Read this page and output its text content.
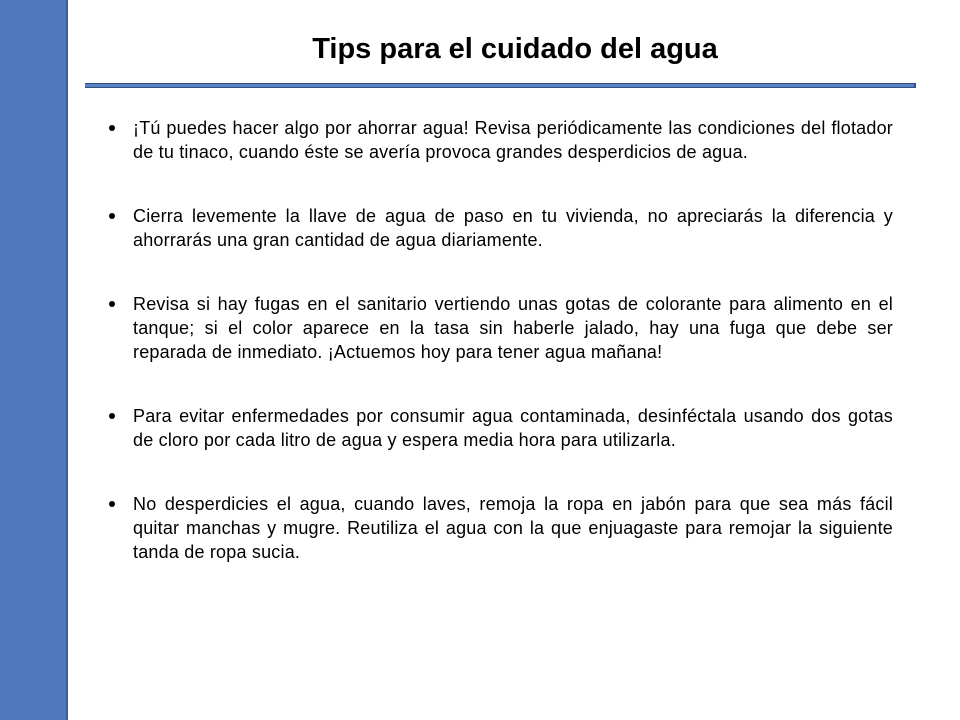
Tips para el cuidado del agua
¡Tú puedes hacer algo por ahorrar agua! Revisa periódicamente las condiciones del flotador de tu tinaco, cuando éste se avería provoca grandes desperdicios de agua.
Cierra levemente la llave de agua de paso en tu vivienda, no apreciarás la diferencia y ahorrarás una gran cantidad de agua diariamente.
Revisa si hay fugas en el sanitario vertiendo unas gotas de colorante para alimento en el tanque; si el color aparece en la tasa sin haberle jalado, hay una fuga que debe ser reparada de inmediato. ¡Actuemos hoy para tener agua mañana!
Para evitar enfermedades por consumir agua contaminada, desinféctala usando dos gotas de cloro por cada litro de agua y espera media hora para utilizarla.
No desperdicies el agua, cuando laves, remoja la ropa en jabón para que sea más fácil quitar manchas y mugre. Reutiliza el agua con la que enjuagaste para remojar la siguiente tanda de ropa sucia.
